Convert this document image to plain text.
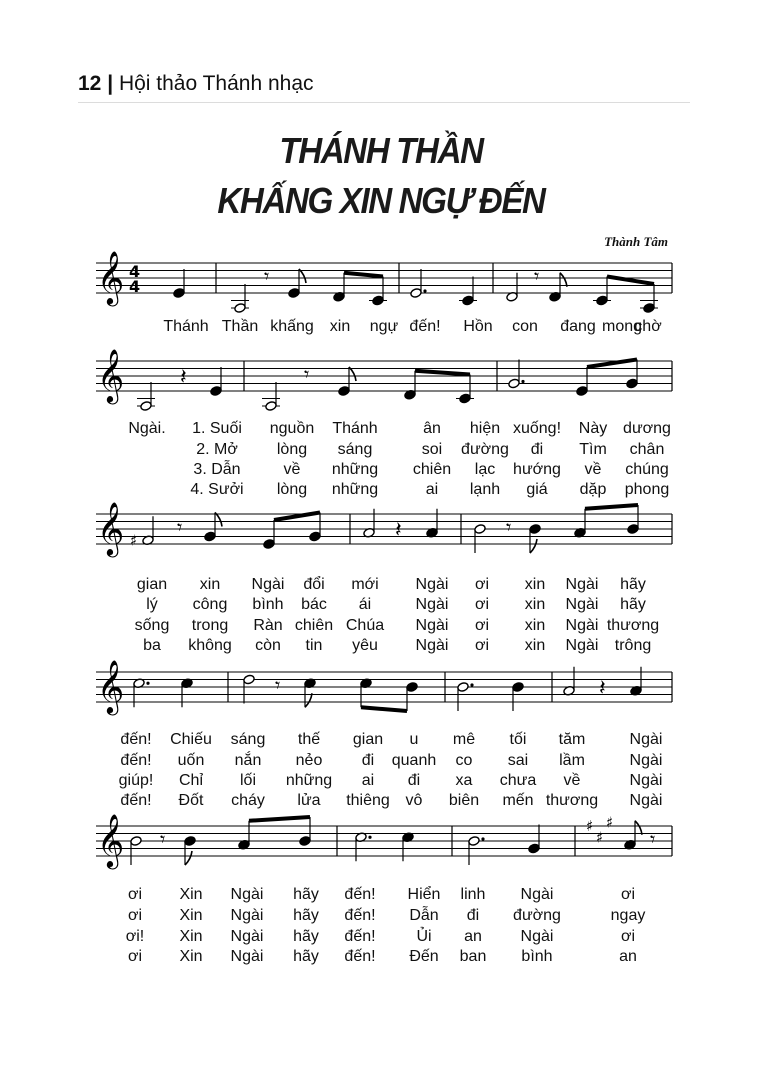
12 | Hội thảo Thánh nhạc
THÁNH THẦN
KHẤNG XIN NGỰ ĐẾN
Thành Tâm
𝄞 4
4	𝄾	𝄾
𝄞	𝄽	𝄾
𝄞 ♯
𝄾	𝄽	𝄾
𝄞	𝄾	𝄽
𝄞 𝄾
♯
♯
♯
𝄾
Thánh Thần khấng xin ngự đến! Hồn con đang mong
chờ
Ngài. 1. Suối nguồn Thánh	ân hiện xuống! Này dương
2. Mở lòng sáng	soi đường đi Tìm chân
3. Dẫn	về những chiên lạc hướng về chúng
4. Sưởi lòng những	ai lạnh giá dặp phong
gian xin Ngài đổi mới Ngài ơi xin Ngài hãy
lý công bình bác ái	Ngài ơi xin Ngài hãy
sống trong Ràn chiên Chúa Ngài ơi xin Ngài thương
ba không còn tin yêu Ngài ơi xin Ngài trông
đến! Chiếu sáng thế gian u mê tối tăm	Ngài
đến! uốn nắn nẻo đi quanh co sai lầm	Ngài
giúp! Chỉ lối những ai đi xa chưa về	Ngài
đến! Đốt cháy lửa thiêng vô biên mến thương Ngài
ơi Xin Ngài hãy đến! Hiển linh Ngài	ơi
ơi Xin Ngài hãy đến! Dẫn đi đường	ngay
ơi! Xin Ngài hãy đến!	Ủi an Ngài	ơi
ơi Xin Ngài hãy đến! Đến ban bình	an
